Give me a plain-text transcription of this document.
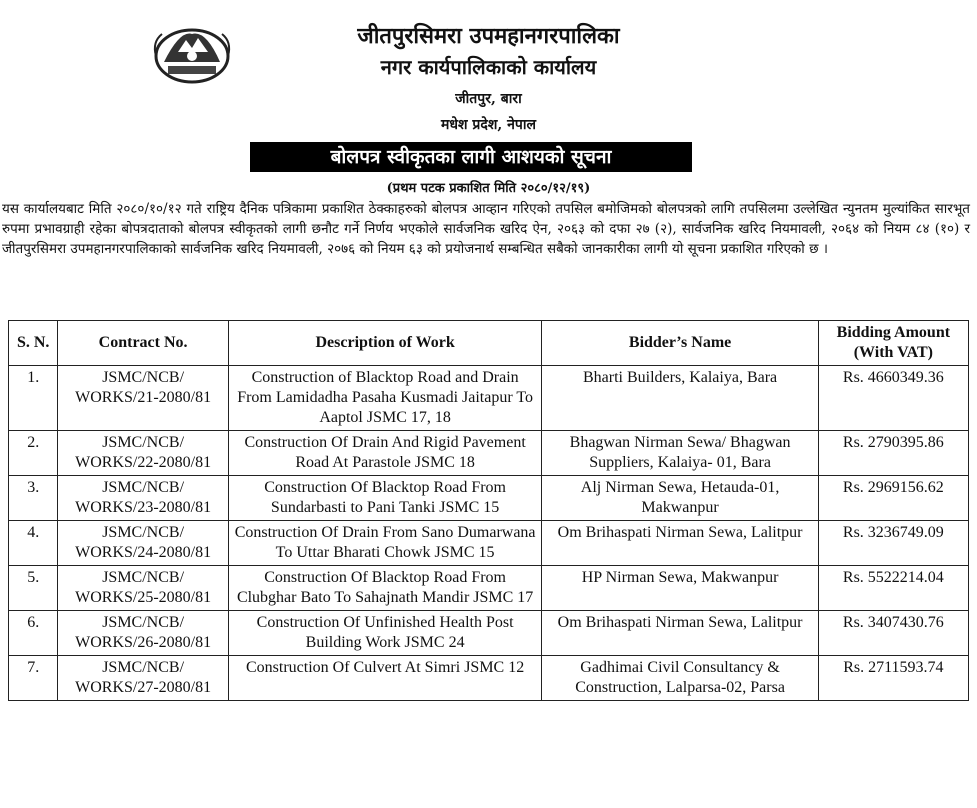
जीतपुरसिमरा उपमहानगरपालिका
नगर कार्यपालिकाको कार्यालय
जीतपुर, बारा
मधेश प्रदेश, नेपाल
बोलपत्र स्वीकृतका लागी आशयको सूचना
(प्रथम पटक प्रकाशित मिति २०८०/१२/१९)
यस कार्यालयबाट मिति २०८०/१०/१२ गते राष्ट्रिय दैनिक पत्रिकामा प्रकाशित ठेक्काहरुको बोलपत्र आव्हान गरिएको तपसिल बमोजिमको बोलपत्रको लागि तपसिलमा उल्लेखित न्युनतम मुल्यांकित सारभूत रुपमा प्रभावग्राही रहेका बोपत्रदाताको बोलपत्र स्वीकृतको लागी छनौट गर्ने निर्णय भएकोले सार्वजनिक खरिद ऐन, २०६३ को दफा २७ (२), सार्वजनिक खरिद नियमावली, २०६४ को नियम ८४ (१०) र जीतपुरसिमरा उपमहानगरपालिकाको सार्वजनिक खरिद नियमावली, २०७६ को नियम ६३ को प्रयोजनार्थ सम्बन्धित सबैको जानकारीका लागी यो सूचना प्रकाशित गरिएको छ ।
S. N.	Contract No.	Description of Work	Bidder’s Name	Bidding Amount (With VAT)
1.	JSMC/NCB/ WORKS/21-2080/81	Construction of Blacktop Road and Drain From Lamidadha Pasaha Kusmadi Jaitapur To Aaptol JSMC 17, 18	Bharti Builders, Kalaiya, Bara	Rs. 4660349.36
2.	JSMC/NCB/ WORKS/22-2080/81	Construction Of Drain And Rigid Pavement Road At Parastole JSMC 18	Bhagwan Nirman Sewa/ Bhagwan Suppliers, Kalaiya- 01, Bara	Rs. 2790395.86
3.	JSMC/NCB/ WORKS/23-2080/81	Construction Of Blacktop Road From Sundarbasti to Pani Tanki JSMC 15	Alj Nirman Sewa, Hetauda-01, Makwanpur	Rs. 2969156.62
4.	JSMC/NCB/ WORKS/24-2080/81	Construction Of Drain From Sano Dumarwana To Uttar Bharati Chowk JSMC 15	Om Brihaspati Nirman Sewa, Lalitpur	Rs. 3236749.09
5.	JSMC/NCB/ WORKS/25-2080/81	Construction Of Blacktop Road From Clubghar Bato To Sahajnath Mandir JSMC 17	HP Nirman Sewa, Makwanpur	Rs. 5522214.04
6.	JSMC/NCB/ WORKS/26-2080/81	Construction Of Unfinished Health Post Building Work JSMC 24	Om Brihaspati Nirman Sewa, Lalitpur	Rs. 3407430.76
7.	JSMC/NCB/ WORKS/27-2080/81	Construction Of Culvert At Simri JSMC 12	Gadhimai Civil Consultancy & Construction, Lalparsa-02, Parsa	Rs. 2711593.74
